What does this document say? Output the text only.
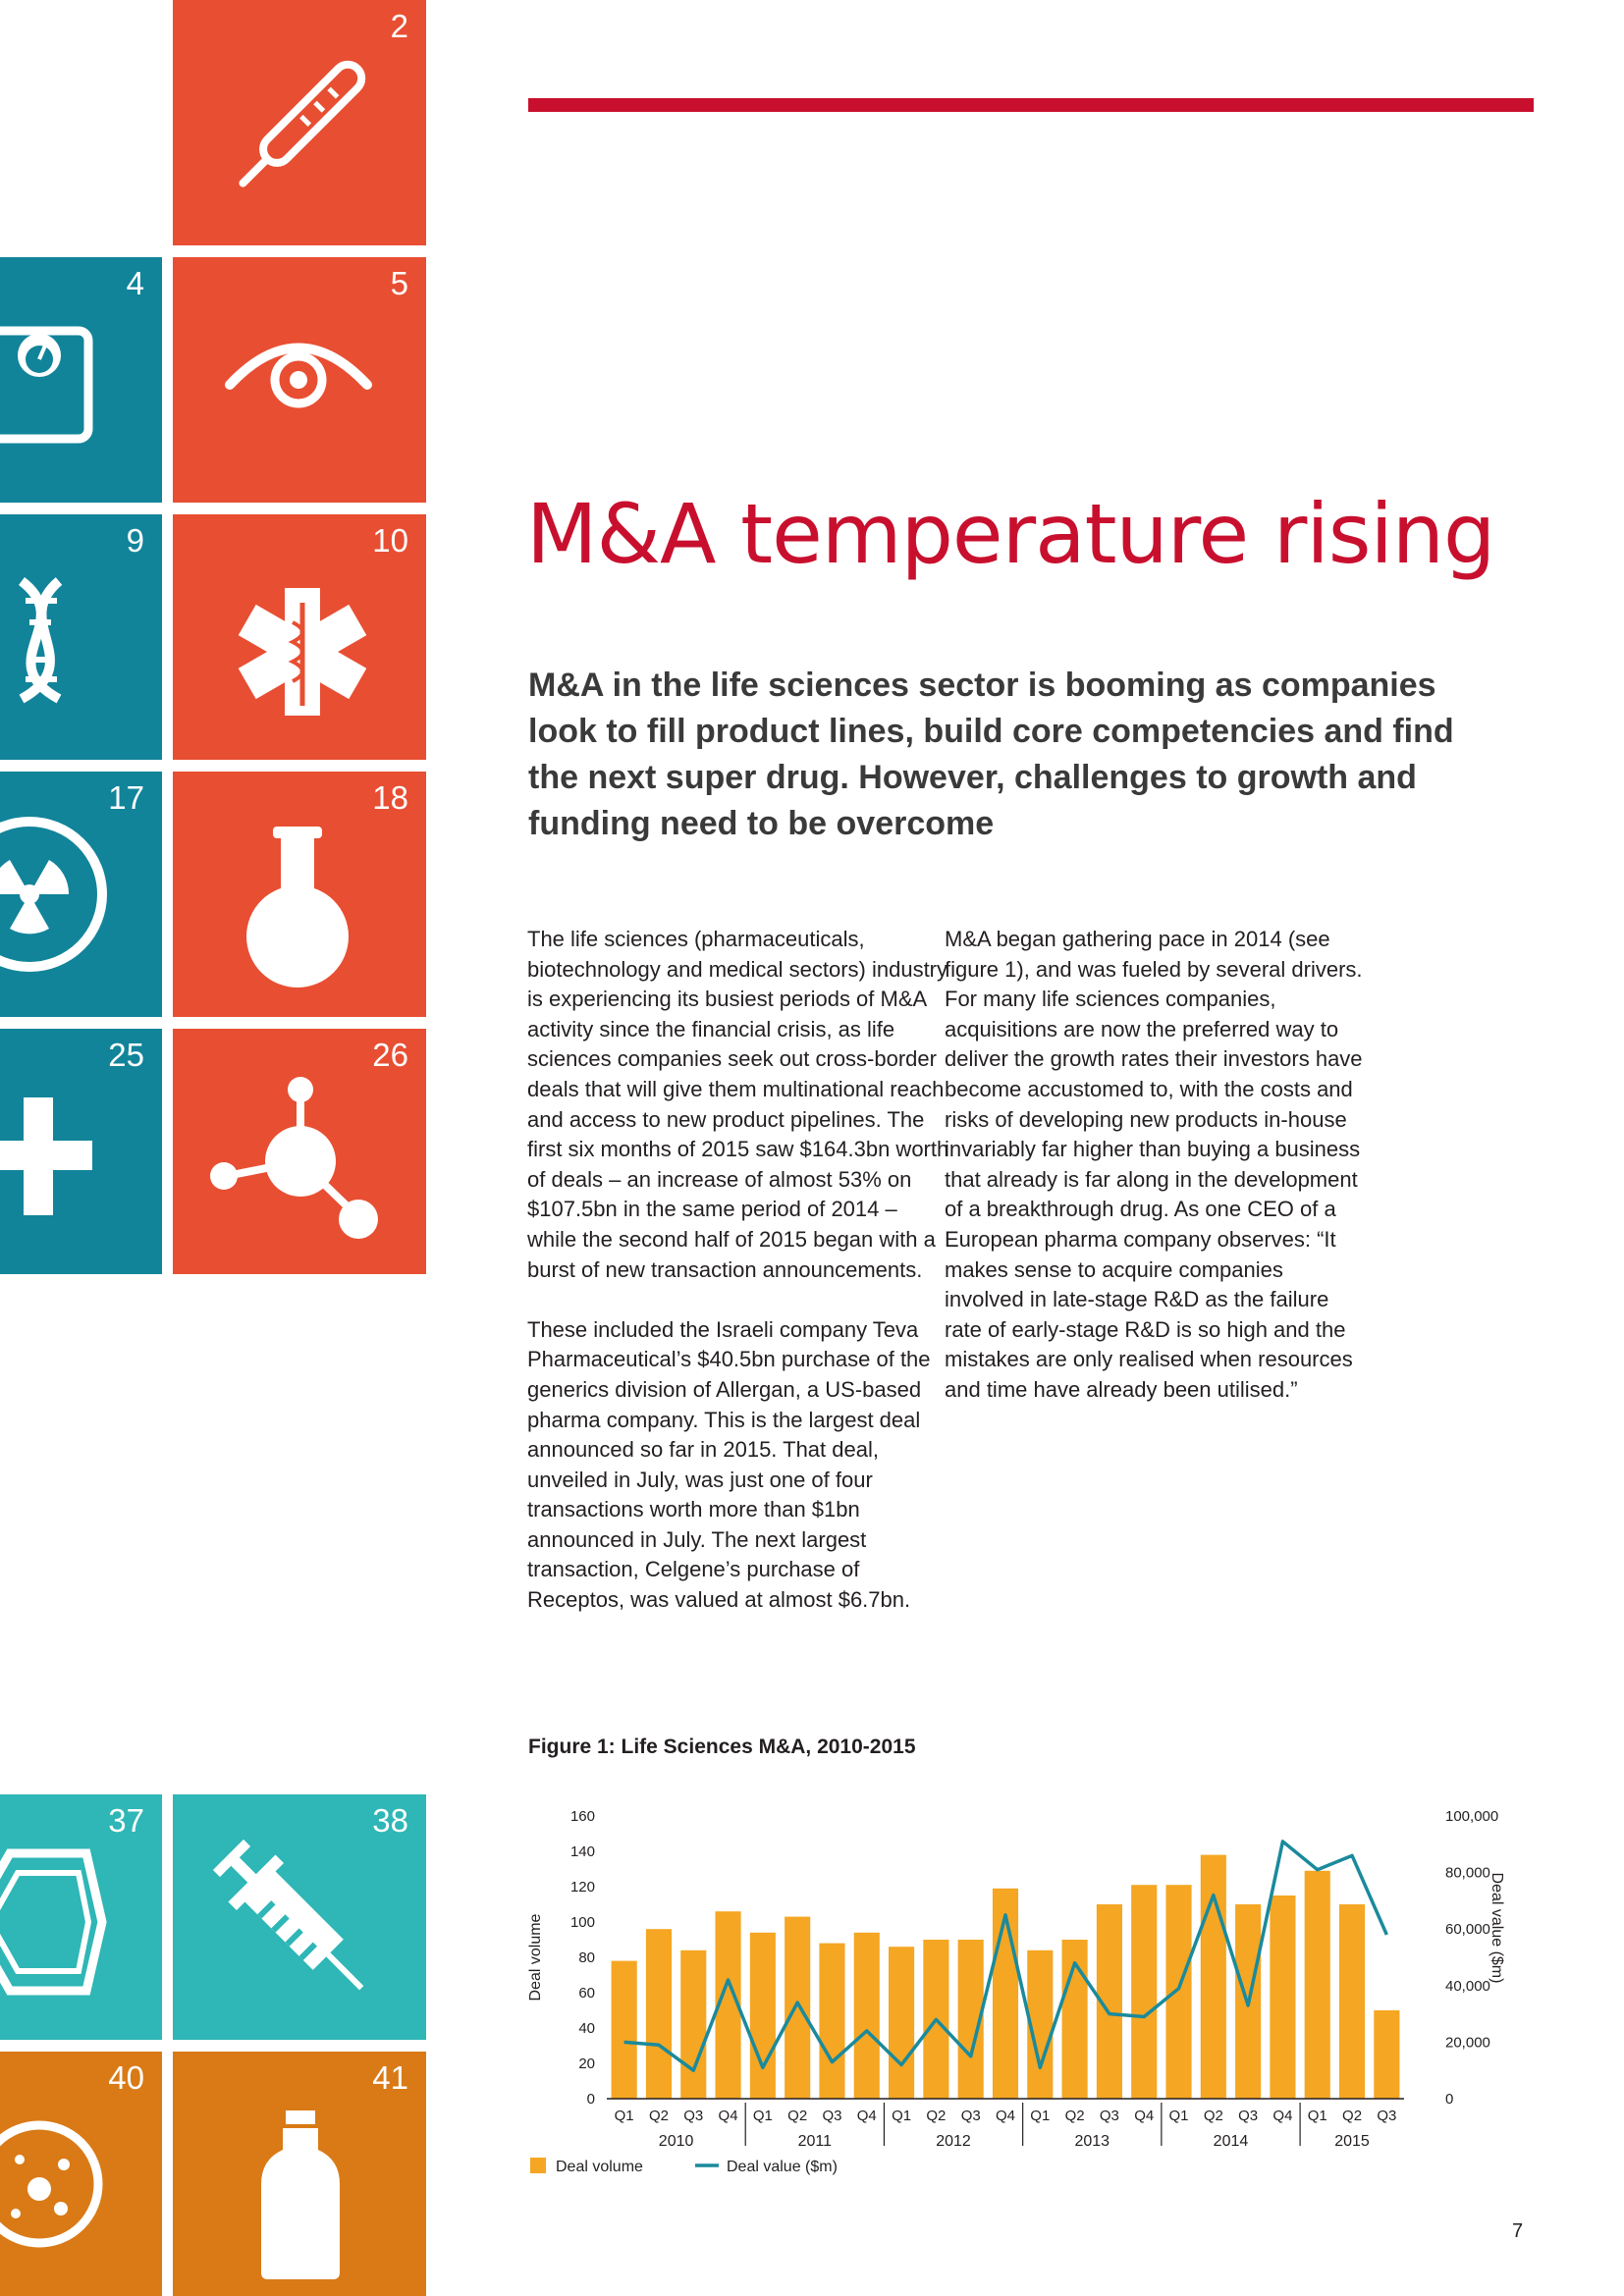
2
4	5
9	10
17	18
25	26
37	38
40	41
M&A temperature rising

M&A in the life sciences sector is booming as companies look to fill product lines, build core competencies and find the next super drug. However, challenges to growth and funding need to be overcome

The life sciences (pharmaceuticals, biotechnology and medical sectors) industry is experiencing its busiest periods of M&A activity since the financial crisis, as life sciences companies seek out cross-border deals that will give them multinational reach and access to new product pipelines. The first six months of 2015 saw $164.3bn worth of deals – an increase of almost 53% on $107.5bn in the same period of 2014 – while the second half of 2015 began with a burst of new transaction announcements.

These included the Israeli company Teva Pharmaceutical’s $40.5bn purchase of the generics division of Allergan, a US-based pharma company. This is the largest deal announced so far in 2015. That deal, unveiled in July, was just one of four transactions worth more than $1bn announced in July. The next largest transaction, Celgene’s purchase of Receptos, was valued at almost $6.7bn.

M&A began gathering pace in 2014 (see figure 1), and was fueled by several drivers. For many life sciences companies, acquisitions are now the preferred way to deliver the growth rates their investors have become accustomed to, with the costs and risks of developing new products in-house invariably far higher than buying a business that already is far along in the development of a breakthrough drug. As one CEO of a European pharma company observes: “It makes sense to acquire companies involved in late-stage R&D as the failure rate of early-stage R&D is so high and the mistakes are only realised when resources and time have already been utilised.”

Figure 1: Life Sciences M&A, 2010-2015
0
20
40
60
80
100
120
140
160
0
20,000
40,000
60,000
80,000
100,000
Deal volume	Deal value ($m)
Q1 Q2 Q3 Q4 Q1 Q2 Q3 Q4 Q1 Q2 Q3 Q4 Q1 Q2 Q3 Q4 Q1 Q2 Q3 Q4 Q1 Q2 Q3
2010	2011	2012	2013	2014	2015
Deal volume	Deal value ($m)
7
